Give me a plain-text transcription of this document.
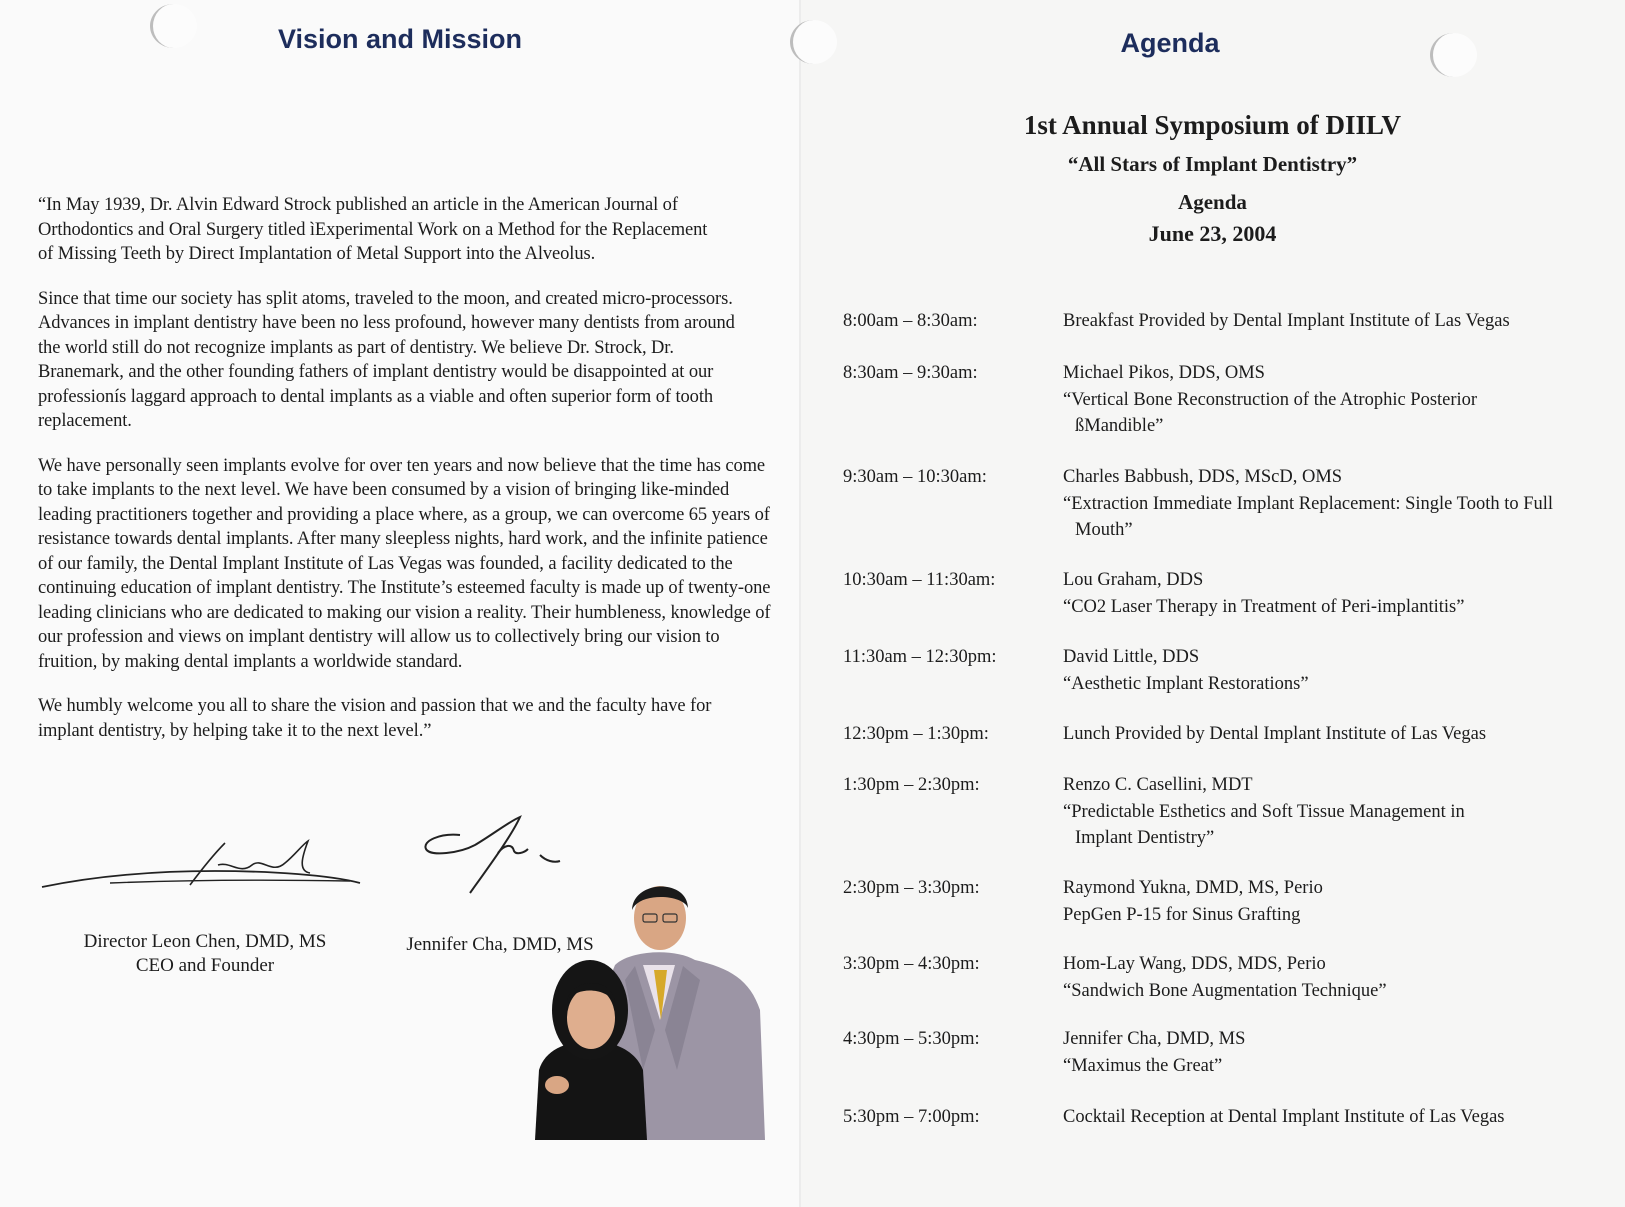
Vision and Mission

“In May 1939, Dr. Alvin Edward Strock published an article in the American Journal of Orthodontics and Oral Surgery titled ìExperimental Work on a Method for the Replacement of Missing Teeth by Direct Implantation of Metal Support into the Alveolus.

Since that time our society has split atoms, traveled to the moon, and created micro-processors. Advances in implant dentistry have been no less profound, however many dentists from around the world still do not recognize implants as part of dentistry. We believe Dr. Strock, Dr. Branemark, and the other founding fathers of implant dentistry would be disappointed at our professionís laggard approach to dental implants as a viable and often superior form of tooth replacement.

We have personally seen implants evolve for over ten years and now believe that the time has come to take implants to the next level. We have been consumed by a vision of bringing like-minded leading practitioners together and providing a place where, as a group, we can overcome 65 years of resistance towards dental implants. After many sleepless nights, hard work, and the infinite patience of our family, the Dental Implant Institute of Las Vegas was founded, a facility dedicated to the continuing education of implant dentistry. The Institute’s esteemed faculty is made up of twenty-one leading clinicians who are dedicated to making our vision a reality. Their humbleness, knowledge of our profession and views on implant dentistry will allow us to collectively bring our vision to fruition, by making dental implants a worldwide standard.

We humbly welcome you all to share the vision and passion that we and the faculty have for implant dentistry, by helping take it to the next level.”

Director Leon Chen, DMD, MS

CEO and Founder

Jennifer Cha, DMD, MS

Agenda
1st Annual Symposium of DIILV
“All Stars of Implant Dentistry”
Agenda
June 23, 2004
8:00am – 8:30am:	Breakfast Provided by Dental Implant Institute of Las Vegas
8:30am – 9:30am:	Michael Pikos, DDS, OMS
“Vertical Bone Reconstruction of the Atrophic Posterior ßMandible”
9:30am – 10:30am:	Charles Babbush, DDS, MScD, OMS
“Extraction Immediate Implant Replacement: Single Tooth to Full Mouth”
10:30am – 11:30am:	Lou Graham, DDS
“CO2 Laser Therapy in Treatment of Peri-implantitis”
11:30am – 12:30pm:	David Little, DDS
“Aesthetic Implant Restorations”
12:30pm – 1:30pm:	Lunch Provided by Dental Implant Institute of Las Vegas
1:30pm – 2:30pm:	Renzo C. Casellini, MDT
“Predictable Esthetics and Soft Tissue Management in Implant Dentistry”
2:30pm – 3:30pm:	Raymond Yukna, DMD, MS, Perio
PepGen P-15 for Sinus Grafting
3:30pm – 4:30pm:	Hom-Lay Wang, DDS, MDS, Perio
“Sandwich Bone Augmentation Technique”
4:30pm – 5:30pm:	Jennifer Cha, DMD, MS
“Maximus the Great”
5:30pm – 7:00pm:	Cocktail Reception at Dental Implant Institute of Las Vegas
